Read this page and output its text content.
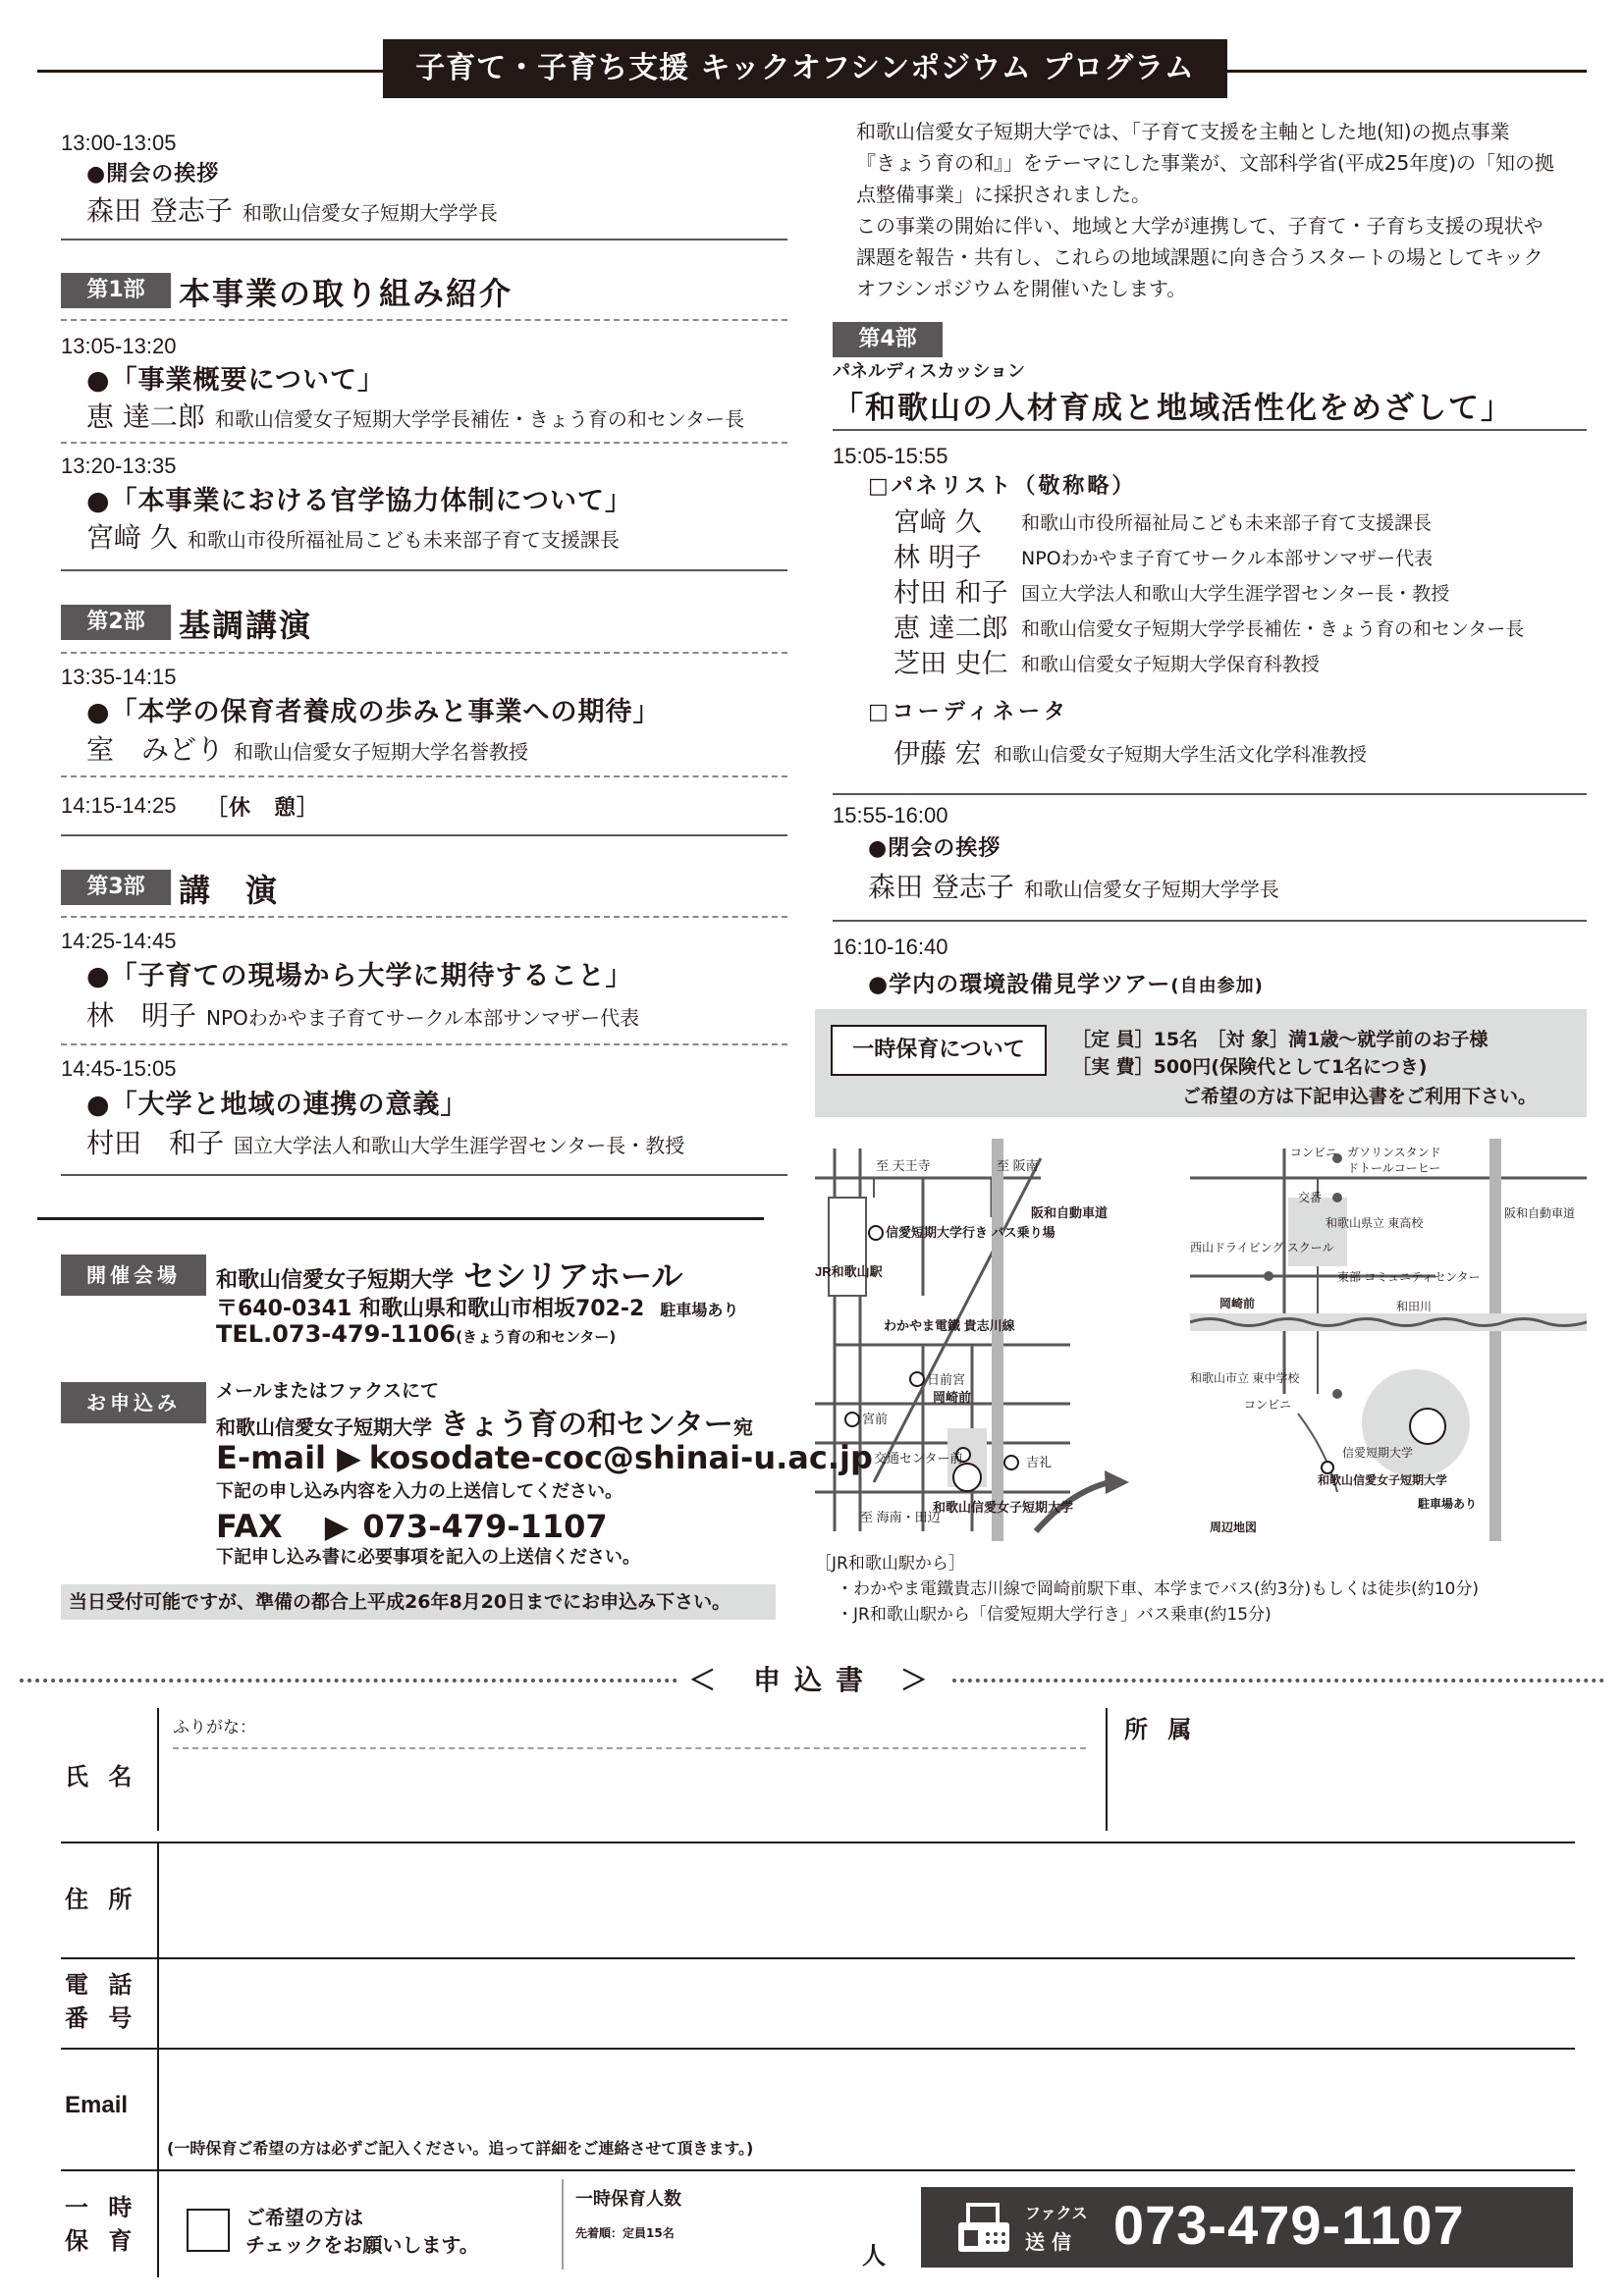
子育て・子育ち支援 キックオフシンポジウム プログラム
13:00-13:05
●開会の挨拶
森田 登志子 和歌山信愛女子短期大学学長
第1部	本事業の取り組み紹介
13:05-13:20
●「事業概要について」
恵 達二郎 和歌山信愛女子短期大学学長補佐・きょう育の和センター長
13:20-13:35
●「本事業における官学協力体制について」
宮﨑 久 和歌山市役所福祉局こども未来部子育て支援課長
第2部	基調講演
13:35-14:15
●「本学の保育者養成の歩みと事業への期待」
室　みどり 和歌山信愛女子短期大学名誉教授
14:15-14:25 ［休　憩］
第3部	講　演
14:25-14:45
●「子育ての現場から大学に期待すること」
林　明子 NPOわかやま子育てサークル本部サンマザー代表
14:45-15:05
●「大学と地域の連携の意義」
村田　和子 国立大学法人和歌山大学生涯学習センター長・教授

和歌山信愛女子短期大学では、「子育て支援を主軸とした地(知)の拠点事業

『きょう育の和』」をテーマにした事業が、文部科学省(平成25年度)の「知の拠

点整備事業」に採択されました。

この事業の開始に伴い、地域と大学が連携して、子育て・子育ち支援の現状や

課題を報告・共有し、これらの地域課題に向き合うスタートの場としてキック

オフシンポジウムを開催いたします。

第4部
パネルディスカッション
「和歌山の人材育成と地域活性化をめざして」
15:05-15:55
□パネリスト（敬称略）
宮﨑 久 和歌山市役所福祉局こども未来部子育て支援課長
林 明子 NPOわかやま子育てサークル本部サンマザー代表
村田 和子 国立大学法人和歌山大学生涯学習センター長・教授
恵 達二郎 和歌山信愛女子短期大学学長補佐・きょう育の和センター長
芝田 史仁 和歌山信愛女子短期大学保育科教授
□コーディネータ
伊藤 宏 和歌山信愛女子短期大学生活文化学科准教授
15:55-16:00
●閉会の挨拶
森田 登志子 和歌山信愛女子短期大学学長
16:10-16:40
●学内の環境設備見学ツアー(自由参加)
一時保育について	［定 員］15名　［対 象］満1歳～就学前のお子様
［実 費］500円(保険代として1名につき)
ご希望の方は下記申込書をご利用下さい。
至 天王寺	至 阪南
信愛短期大学行き バス乗り場
わかやま電鐵 貴志川線
日前宮
宮前
岡崎前
交通センター前	吉礼
至 海南・田辺
和歌山信愛女子短期大学
阪和自動車道
JR和歌山駅
コンビニ ガソリンスタンド
ドトールコーヒー
交番
和歌山県立 東高校
西山ドライビング スクール
東部 コミュニティセンター
岡崎前	和田川
和歌山市立 東中学校
コンビニ
信愛短期大学
和歌山信愛女子短期大学
駐車場あり
阪和自動車道
周辺地図
［JR和歌山駅から］
・わかやま電鐵貴志川線で岡崎前駅下車、本学までバス(約3分)もしくは徒歩(約10分)
・JR和歌山駅から「信愛短期大学行き」バス乗車(約15分)
開催会場	和歌山信愛女子短期大学 セシリアホール
〒640-0341 和歌山県和歌山市相坂702-2 駐車場あり
TEL.073-479-1106(きょう育の和センター)
お申込み	メールまたはファクスにて
和歌山信愛女子短期大学 きょう育の和センター宛
E-mail ▶ kosodate-coc@shinai-u.ac.jp
下記の申し込み内容を入力の上送信してください。
FAX　 ▶ 073-479-1107
下記申し込み書に必要事項を記入の上送信ください。
当日受付可能ですが、準備の都合上平成26年8月20日までにお申込み下さい。
＜ 申込書 ＞
氏 名
ふりがな：	所 属
住 所
電 話
番 号
Email
(一時保育ご希望の方は必ずご記入ください。追って詳細をご連絡させて頂きます。)
一 時
保 育
ご希望の方は
チェックをお願いします。
一時保育人数
先着順：定員15名
人
ファクス
送 信 073-479-1107
